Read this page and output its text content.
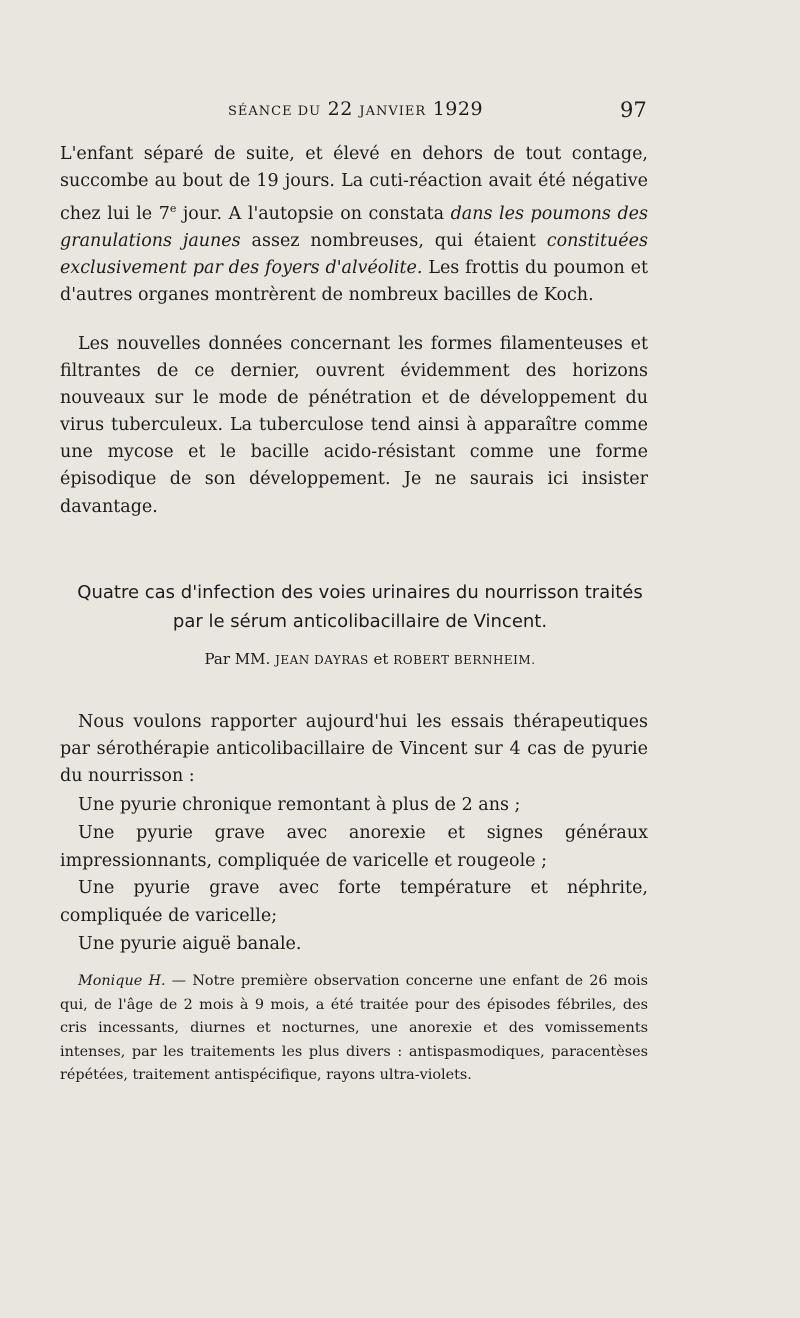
SÉANCE DU 22 JANVIER 1929	97
L'enfant séparé de suite, et élevé en dehors de tout contage, succombe au bout de 19 jours. La cuti-réaction avait été négative chez lui le 7e jour. A l'autopsie on constata dans les poumons des granulations jaunes assez nombreuses, qui étaient constituées exclusivement par des foyers d'alvéolite. Les frottis du poumon et d'autres organes montrèrent de nombreux bacilles de Koch.
Les nouvelles données concernant les formes filamenteuses et filtrantes de ce dernier, ouvrent évidemment des horizons nouveaux sur le mode de pénétration et de développement du virus tuberculeux. La tuberculose tend ainsi à apparaître comme une mycose et le bacille acido-résistant comme une forme épisodique de son développement. Je ne saurais ici insister davantage.
Quatre cas d'infection des voies urinaires du nourrisson traités
par le sérum anticolibacillaire de Vincent.
Par MM. JEAN DAYRAS et ROBERT BERNHEIM.
Nous voulons rapporter aujourd'hui les essais thérapeutiques par sérothérapie anticolibacillaire de Vincent sur 4 cas de pyurie du nourrisson :
Une pyurie chronique remontant à plus de 2 ans ;
Une pyurie grave avec anorexie et signes généraux impressionnants, compliquée de varicelle et rougeole ;
Une pyurie grave avec forte température et néphrite, compliquée de varicelle;
Une pyurie aiguë banale.
Monique H. — Notre première observation concerne une enfant de 26 mois qui, de l'âge de 2 mois à 9 mois, a été traitée pour des épisodes fébriles, des cris incessants, diurnes et nocturnes, une anorexie et des vomissements intenses, par les traitements les plus divers : antispasmodiques, paracentèses répétées, traitement antispécifique, rayons ultra-violets.
